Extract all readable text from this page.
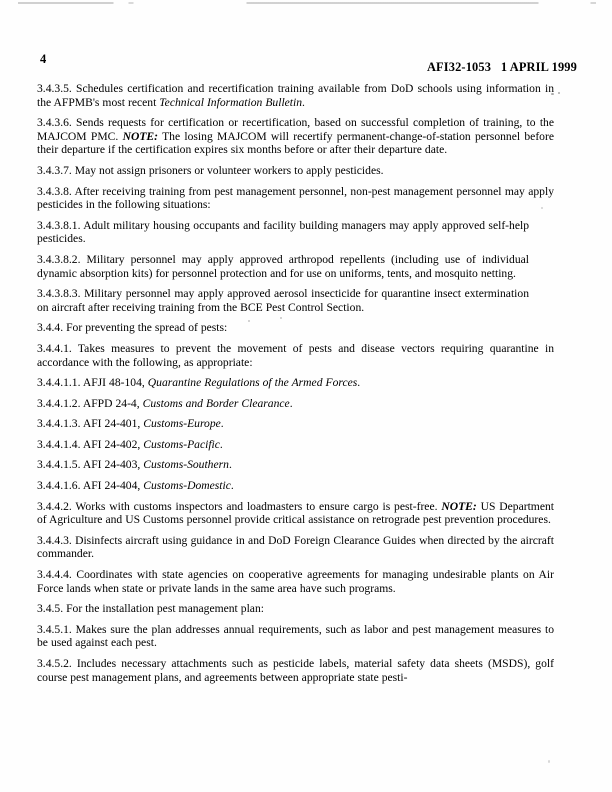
4
AFI32-1053   1 APRIL 1999

3.4.3.5. Schedules certification and recertification training available from DoD schools using information in the AFPMB's most recent Technical Information Bulletin.

3.4.3.6. Sends requests for certification or recertification, based on successful completion of training, to the MAJCOM PMC. NOTE: The losing MAJCOM will recertify permanent-change-of-station personnel before their departure if the certification expires six months before or after their departure date.

3.4.3.7. May not assign prisoners or volunteer workers to apply pesticides.

3.4.3.8. After receiving training from pest management personnel, non-pest management personnel may apply pesticides in the following situations:

3.4.3.8.1. Adult military housing occupants and facility building managers may apply approved self-help pesticides.

3.4.3.8.2. Military personnel may apply approved arthropod repellents (including use of individual dynamic absorption kits) for personnel protection and for use on uniforms, tents, and mosquito netting.

3.4.3.8.3. Military personnel may apply approved aerosol insecticide for quarantine insect extermination on aircraft after receiving training from the BCE Pest Control Section.

3.4.4. For preventing the spread of pests:

3.4.4.1. Takes measures to prevent the movement of pests and disease vectors requiring quarantine in accordance with the following, as appropriate:

3.4.4.1.1. AFJI 48-104, Quarantine Regulations of the Armed Forces.

3.4.4.1.2. AFPD 24-4, Customs and Border Clearance.

3.4.4.1.3. AFI 24-401, Customs-Europe.

3.4.4.1.4. AFI 24-402, Customs-Pacific.

3.4.4.1.5. AFI 24-403, Customs-Southern.

3.4.4.1.6. AFI 24-404, Customs-Domestic.

3.4.4.2. Works with customs inspectors and loadmasters to ensure cargo is pest-free. NOTE: US Department of Agriculture and US Customs personnel provide critical assistance on retrograde pest prevention procedures.

3.4.4.3. Disinfects aircraft using guidance in and DoD Foreign Clearance Guides when directed by the aircraft commander.

3.4.4.4. Coordinates with state agencies on cooperative agreements for managing undesirable plants on Air Force lands when state or private lands in the same area have such programs.

3.4.5. For the installation pest management plan:

3.4.5.1. Makes sure the plan addresses annual requirements, such as labor and pest management measures to be used against each pest.

3.4.5.2. Includes necessary attachments such as pesticide labels, material safety data sheets (MSDS), golf course pest management plans, and agreements between appropriate state pesti-
